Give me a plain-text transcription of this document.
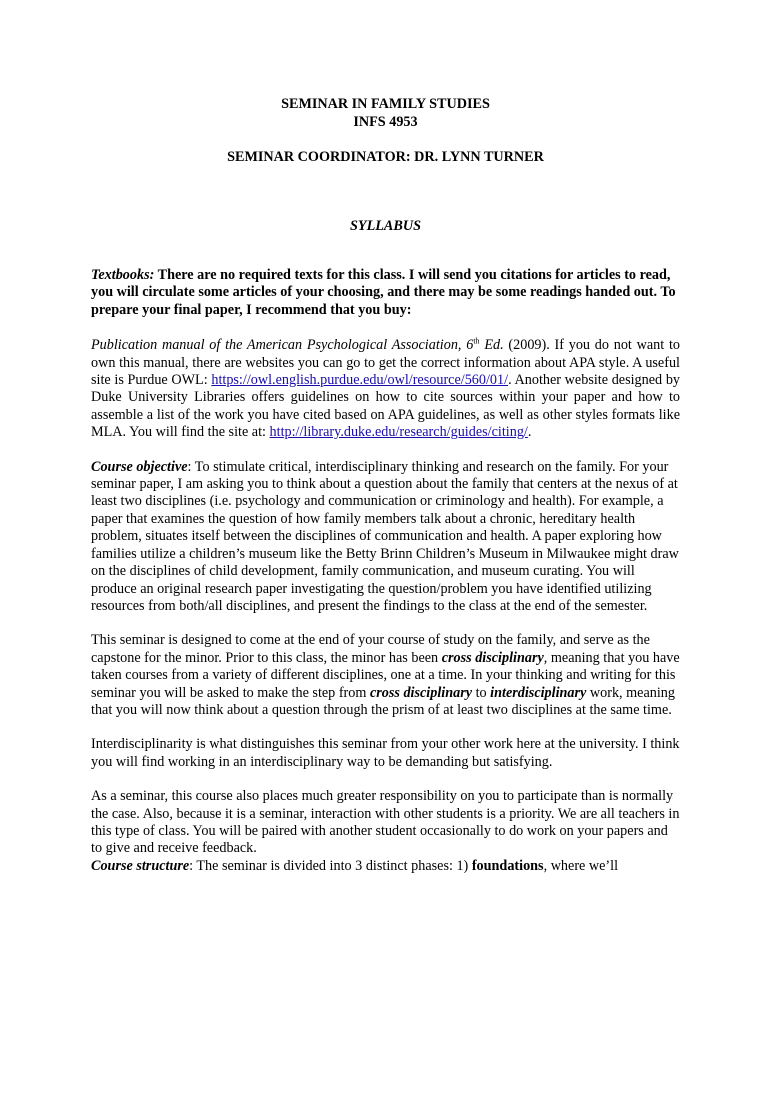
SEMINAR IN FAMILY STUDIES
INFS 4953
SEMINAR COORDINATOR: DR. LYNN TURNER
SYLLABUS

Textbooks: There are no required texts for this class. I will send you citations for articles to read, you will circulate some articles of your choosing, and there may be some readings handed out. To prepare your final paper, I recommend that you buy:

Publication manual of the American Psychological Association, 6th Ed. (2009). If you do not want to own this manual, there are websites you can go to get the correct information about APA style. A useful site is Purdue OWL: https://owl.english.purdue.edu/owl/resource/560/01/. Another website designed by Duke University Libraries offers guidelines on how to cite sources within your paper and how to assemble a list of the work you have cited based on APA guidelines, as well as other styles formats like MLA. You will find the site at: http://library.duke.edu/research/guides/citing/.

Course objective: To stimulate critical, interdisciplinary thinking and research on the family. For your seminar paper, I am asking you to think about a question about the family that centers at the nexus of at least two disciplines (i.e. psychology and communication or criminology and health). For example, a paper that examines the question of how family members talk about a chronic, hereditary health problem, situates itself between the disciplines of communication and health. A paper exploring how families utilize a children’s museum like the Betty Brinn Children’s Museum in Milwaukee might draw on the disciplines of child development, family communication, and museum curating. You will produce an original research paper investigating the question/problem you have identified utilizing resources from both/all disciplines, and present the findings to the class at the end of the semester.

This seminar is designed to come at the end of your course of study on the family, and serve as the capstone for the minor. Prior to this class, the minor has been cross disciplinary, meaning that you have taken courses from a variety of different disciplines, one at a time. In your thinking and writing for this seminar you will be asked to make the step from cross disciplinary to interdisciplinary work, meaning that you will now think about a question through the prism of at least two disciplines at the same time.

Interdisciplinarity is what distinguishes this seminar from your other work here at the university. I think you will find working in an interdisciplinary way to be demanding but satisfying.

As a seminar, this course also places much greater responsibility on you to participate than is normally the case. Also, because it is a seminar, interaction with other students is a priority. We are all teachers in this type of class. You will be paired with another student occasionally to do work on your papers and to give and receive feedback.

Course structure: The seminar is divided into 3 distinct phases: 1) foundations, where we’ll
